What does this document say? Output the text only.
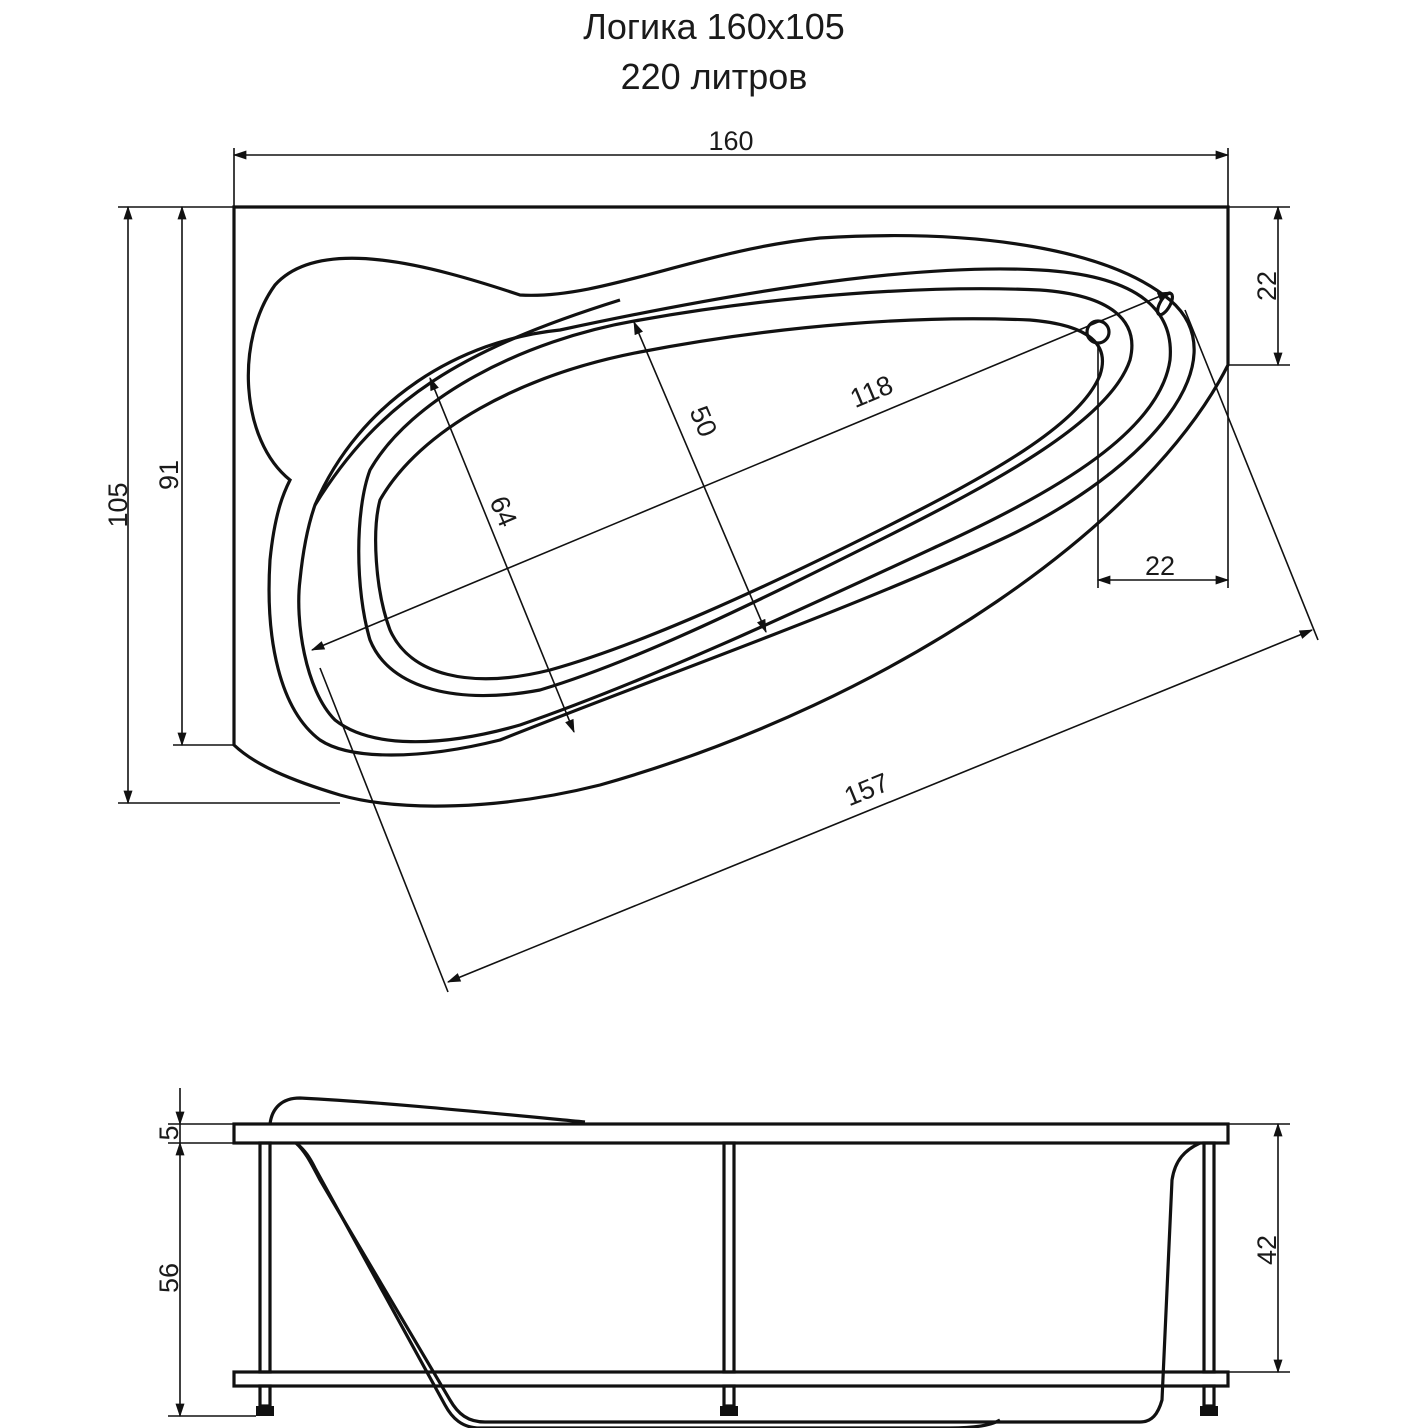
Логика 160x105
220 литров
160
105
91
22
22
118
50
64
157
5
56
42
